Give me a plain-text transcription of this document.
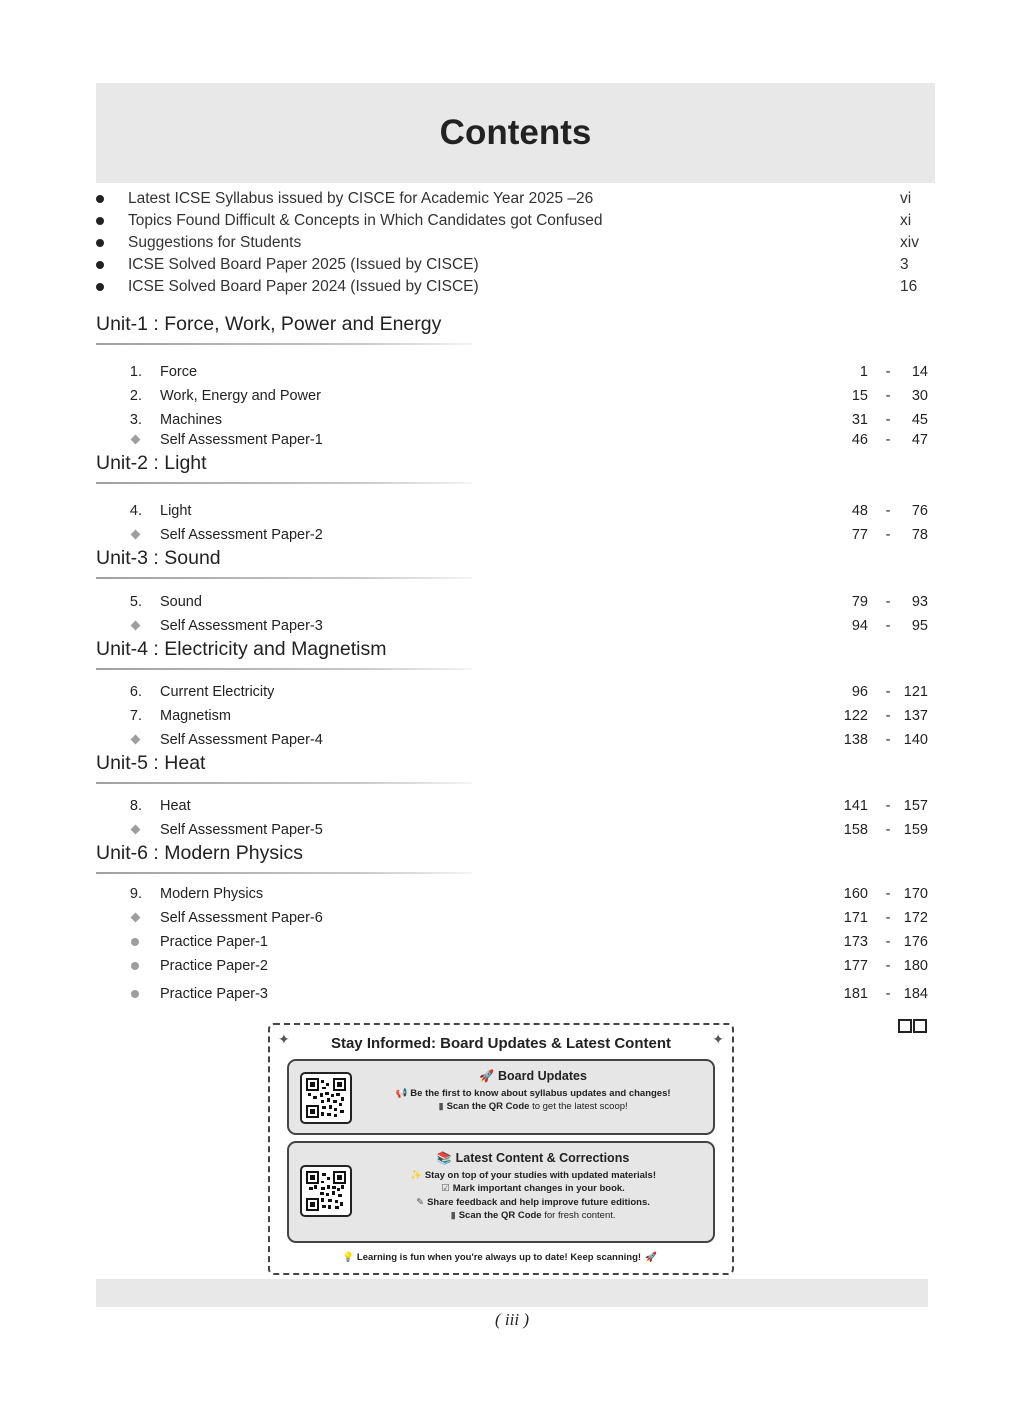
Contents
Latest ICSE Syllabus issued by CISCE for Academic Year 2025 –26	vi
Topics Found Difficult & Concepts in Which Candidates got Confused	xi
Suggestions for Students	xiv
ICSE Solved Board Paper 2025 (Issued by CISCE)	3
ICSE Solved Board Paper 2024 (Issued by CISCE)	16
Unit-1 : Force, Work, Power and Energy
Unit-2 : Light
Unit-3 : Sound
Unit-4 : Electricity and Magnetism
Unit-5 : Heat
Unit-6 : Modern Physics
1. Force	1 -	14
2. Work, Energy and Power	15 -	30
3. Machines	31 -	45
Self Assessment Paper-1	46 -	47
4. Light	48 -	76
Self Assessment Paper-2	77 -	78
5. Sound	79 -	93
Self Assessment Paper-3	94 -	95
6. Current Electricity	96 - 121
7. Magnetism	122 - 137
Self Assessment Paper-4	138 - 140
8. Heat	141 - 157
Self Assessment Paper-5	158 - 159
9. Modern Physics	160 - 170
Self Assessment Paper-6	171 - 172
Practice Paper-1	173 - 176
Practice Paper-2	177 - 180
Practice Paper-3	181 - 184
✦	✦
Stay Informed: Board Updates & Latest Content
🚀 Board Updates
📢 Be the first to know about syllabus updates and changes!
▮ Scan the QR Code to get the latest scoop!
📚 Latest Content & Corrections
✨ Stay on top of your studies with updated materials!
☑ Mark important changes in your book.
✎ Share feedback and help improve future editions.
▮ Scan the QR Code for fresh content.
💡 Learning is fun when you're always up to date! Keep scanning! 🚀
( iii )
